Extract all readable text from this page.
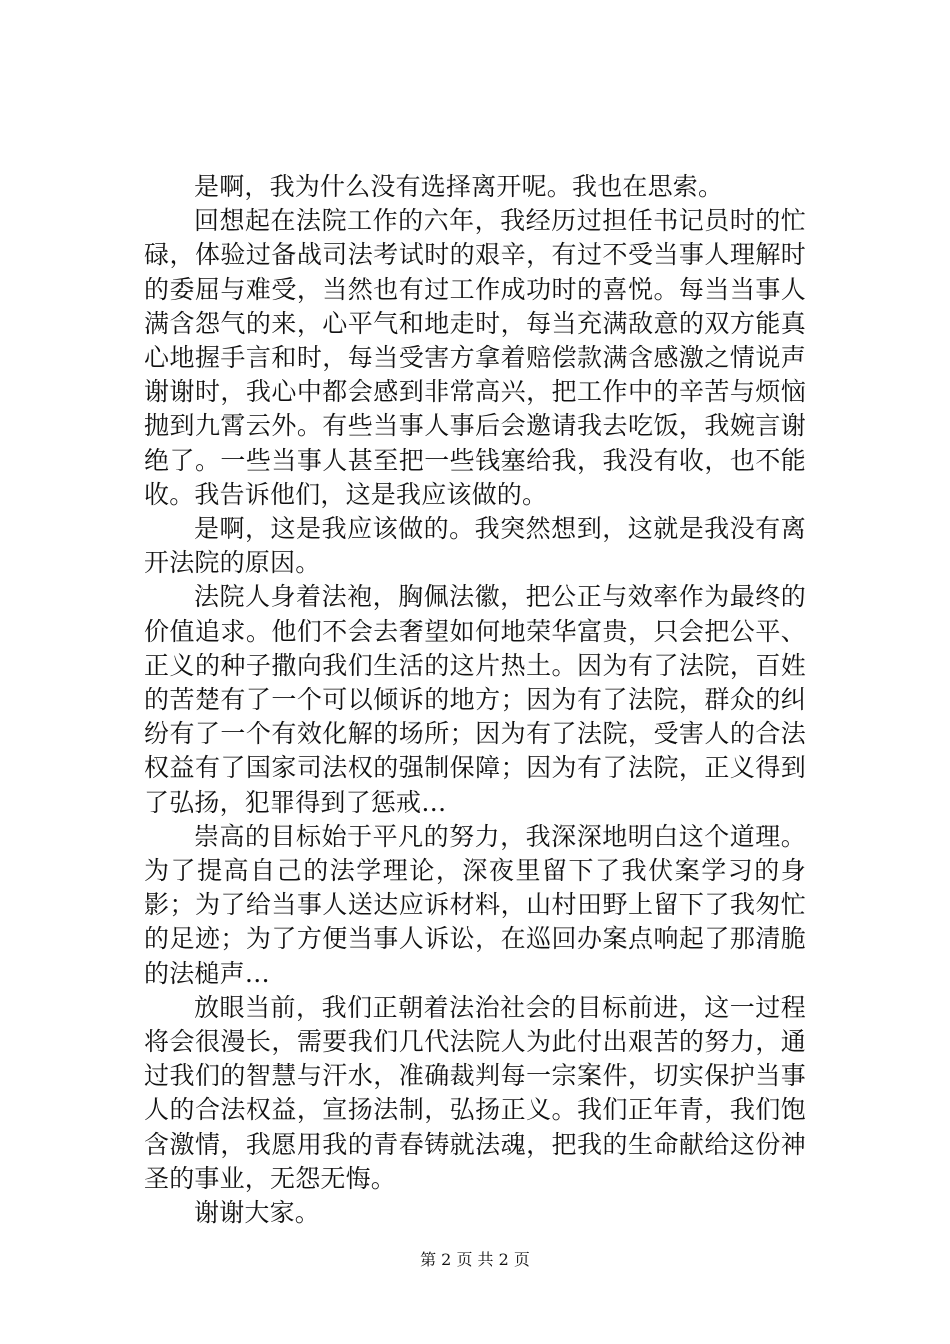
是啊，我为什么没有选择离开呢。我也在思索。

回想起在法院工作的六年，我经历过担任书记员时的忙碌，体验过备战司法考试时的艰辛，有过不受当事人理解时的委屈与难受，当然也有过工作成功时的喜悦。每当当事人满含怨气的来，心平气和地走时，每当充满敌意的双方能真心地握手言和时，每当受害方拿着赔偿款满含感激之情说声谢谢时，我心中都会感到非常高兴，把工作中的辛苦与烦恼抛到九霄云外。有些当事人事后会邀请我去吃饭，我婉言谢绝了。一些当事人甚至把一些钱塞给我，我没有收，也不能收。我告诉他们，这是我应该做的。

是啊，这是我应该做的。我突然想到，这就是我没有离开法院的原因。

法院人身着法袍，胸佩法徽，把公正与效率作为最终的价值追求。他们不会去奢望如何地荣华富贵，只会把公平、正义的种子撒向我们生活的这片热土。因为有了法院，百姓的苦楚有了一个可以倾诉的地方；因为有了法院，群众的纠纷有了一个有效化解的场所；因为有了法院，受害人的合法权益有了国家司法权的强制保障；因为有了法院，正义得到了弘扬，犯罪得到了惩戒…

崇高的目标始于平凡的努力，我深深地明白这个道理。为了提高自己的法学理论，深夜里留下了我伏案学习的身影；为了给当事人送达应诉材料，山村田野上留下了我匆忙的足迹；为了方便当事人诉讼，在巡回办案点响起了那清脆的法槌声…

放眼当前，我们正朝着法治社会的目标前进，这一过程将会很漫长，需要我们几代法院人为此付出艰苦的努力，通过我们的智慧与汗水，准确裁判每一宗案件，切实保护当事人的合法权益，宣扬法制，弘扬正义。我们正年青，我们饱含激情，我愿用我的青春铸就法魂，把我的生命献给这份神圣的事业，无怨无悔。

谢谢大家。

第 2 页 共 2 页
